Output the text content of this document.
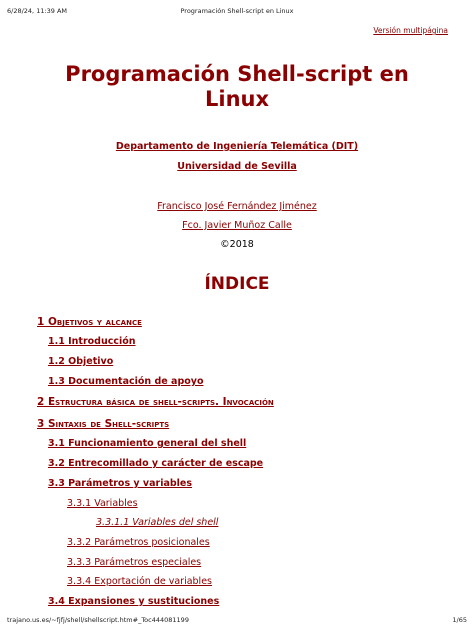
6/28/24, 11:39 AM	Programación Shell-script en Linux
Versión multipágina
Programación Shell-script en Linux
Departamento de Ingeniería Telemática (DIT)
Universidad de Sevilla
Francisco José Fernández Jiménez
Fco. Javier Muñoz Calle
©2018
ÍNDICE
1 Objetivos y alcance
1.1 Introducción
1.2 Objetivo
1.3 Documentación de apoyo
2 Estructura básica de shell-scripts. Invocación
3 Sintaxis de Shell-scripts
3.1 Funcionamiento general del shell
3.2 Entrecomillado y carácter de escape
3.3 Parámetros y variables
3.3.1 Variables
3.3.1.1 Variables del shell
3.3.2 Parámetros posicionales
3.3.3 Parámetros especiales
3.3.4 Exportación de variables
3.4 Expansiones y sustituciones
trajano.us.es/~fjfj/shell/shellscript.htm#_Toc444081199	1/65
